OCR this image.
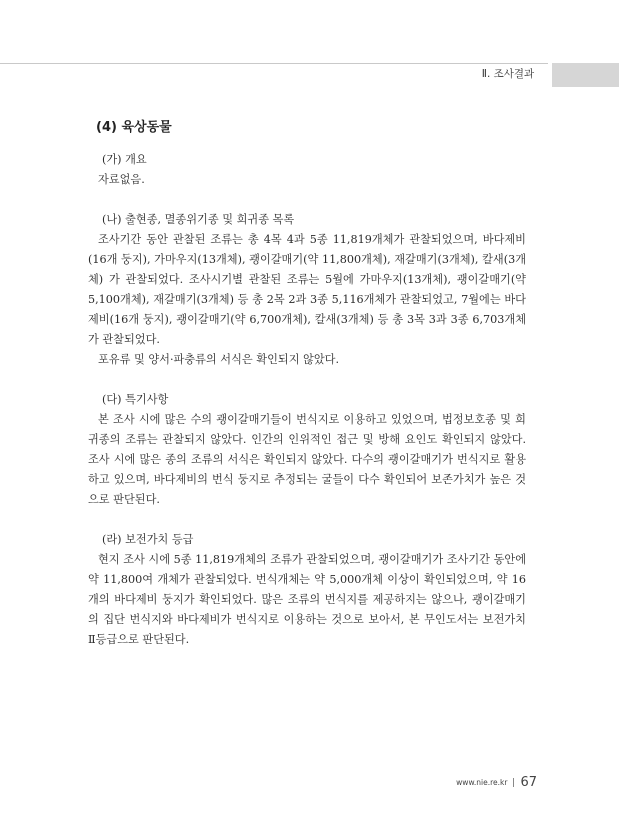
Ⅱ. 조사결과
(4) 육상동물

(가) 개요

자료없음.

(나) 출현종, 멸종위기종 및 희귀종 목록

조사기간 동안 관찰된 조류는 총 4목 4과 5종 11,819개체가 관찰되었으며, 바다제비(16개 둥지), 가마우지(13개체), 괭이갈매기(약 11,800개체), 재갈매기(3개체), 칼새(3개체) 가 관찰되었다. 조사시기별 관찰된 조류는 5월에 가마우지(13개체), 괭이갈매기(약 5,100개체), 재갈매기(3개체) 등 총 2목 2과 3종 5,116개체가 관찰되었고, 7월에는 바다제비(16개 둥지), 괭이갈매기(약 6,700개체), 칼새(3개체) 등 총 3목 3과 3종 6,703개체가 관찰되었다.

포유류 및 양서·파충류의 서식은 확인되지 않았다.

(다) 특기사항

본 조사 시에 많은 수의 괭이갈매기들이 번식지로 이용하고 있었으며, 법정보호종 및 희귀종의 조류는 관찰되지 않았다. 인간의 인위적인 접근 및 방해 요인도 확인되지 않았다. 조사 시에 많은 종의 조류의 서식은 확인되지 않았다. 다수의 괭이갈매기가 번식지로 활용하고 있으며, 바다제비의 번식 둥지로 추정되는 굴들이 다수 확인되어 보존가치가 높은 것으로 판단된다.

(라) 보전가치 등급

현지 조사 시에 5종 11,819개체의 조류가 관찰되었으며, 괭이갈매기가 조사기간 동안에 약 11,800여 개체가 관찰되었다. 번식개체는 약 5,000개체 이상이 확인되었으며, 약 16개의 바다제비 둥지가 확인되었다. 많은 조류의 번식지를 제공하지는 않으나, 괭이갈매기의 집단 번식지와 바다제비가 번식지로 이용하는 것으로 보아서, 본 무인도서는 보전가치 Ⅱ등급으로 판단된다.

www.nie.re.kr 67
